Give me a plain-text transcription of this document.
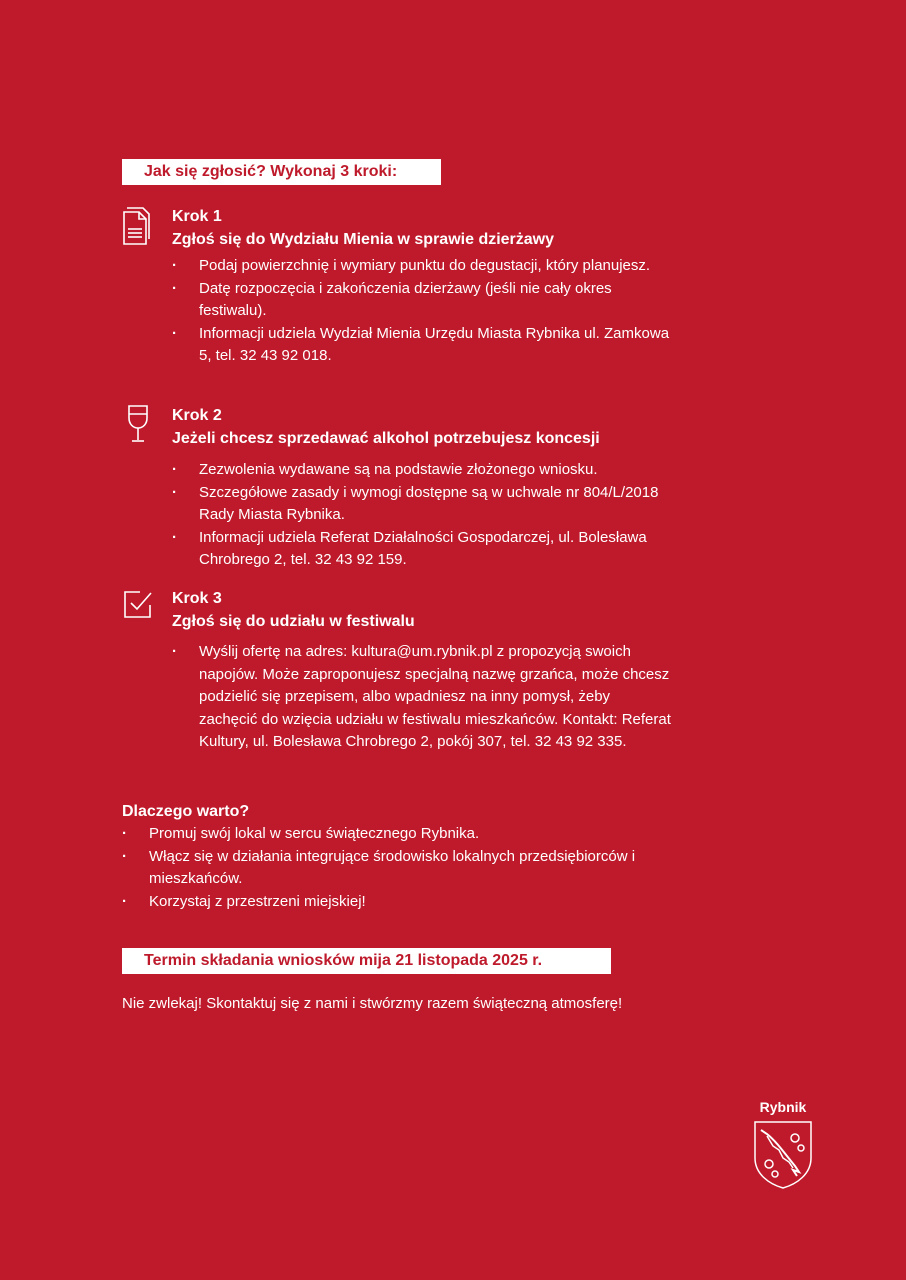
Jak się zgłosić? Wykonaj 3 kroki:
Krok 1
Zgłoś się do Wydziału Mienia w sprawie dzierżawy
· Podaj powierzchnię i wymiary punktu do degustacji, który planujesz.
· Datę rozpoczęcia i zakończenia dzierżawy (jeśli nie cały okres festiwalu).
· Informacji udziela Wydział Mienia Urzędu Miasta Rybnika ul. Zamkowa 5, tel. 32 43 92 018.
Krok 2
Jeżeli chcesz sprzedawać alkohol potrzebujesz koncesji
· Zezwolenia wydawane są na podstawie złożonego wniosku.
· Szczegółowe zasady i wymogi dostępne są w uchwale nr 804/L/2018 Rady Miasta Rybnika.
· Informacji udziela Referat Działalności Gospodarczej, ul. Bolesława Chrobrego 2, tel. 32 43 92 159.
Krok 3
Zgłoś się do udziału w festiwalu
· Wyślij ofertę na adres: kultura@um.rybnik.pl z propozycją swoich napojów. Może zaproponujesz specjalną nazwę grzańca, może chcesz podzielić się przepisem, albo wpadniesz na inny pomysł, żeby zachęcić do wzięcia udziału w festiwalu mieszkańców. Kontakt: Referat Kultury, ul. Bolesława Chrobrego 2, pokój 307, tel. 32 43 92 335.
Dlaczego warto?
· Promuj swój lokal w sercu świątecznego Rybnika.
· Włącz się w działania integrujące środowisko lokalnych przedsiębiorców i mieszkańców.
· Korzystaj z przestrzeni miejskiej!
Termin składania wniosków mija 21 listopada 2025 r.
Nie zwlekaj! Skontaktuj się z nami i stwórzmy razem świąteczną atmosferę!
Rybnik
